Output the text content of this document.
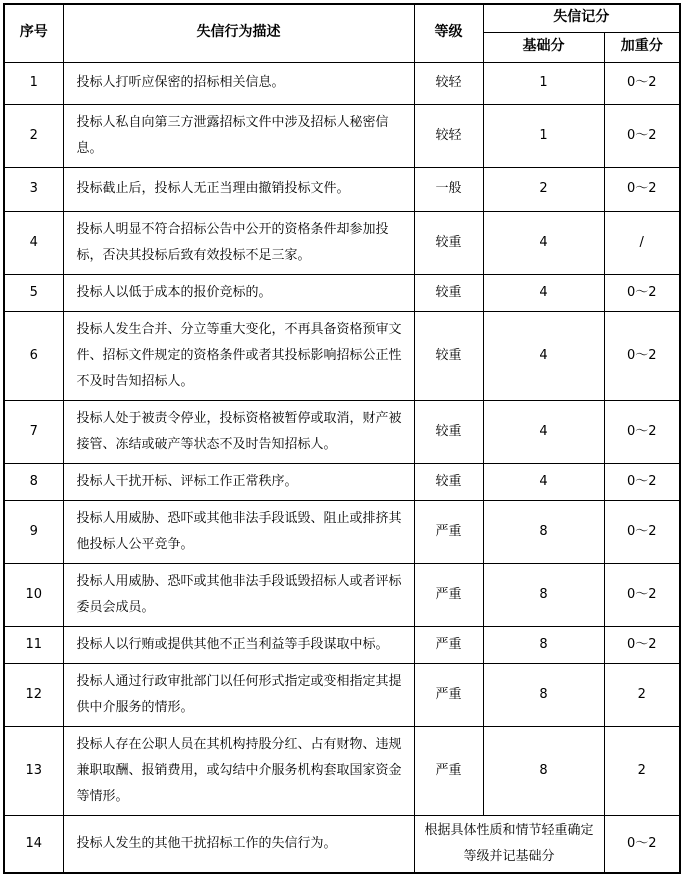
序号	失信行为描述	等级	失信记分	
			基础分	加重分
1	投标人打听应保密的招标相关信息。	较轻	1	0～2
2	投标人私自向第三方泄露招标文件中涉及招标人秘密信息。	较轻	1	0～2
3	投标截止后，投标人无正当理由撤销投标文件。	一般	2	0～2
4	投标人明显不符合招标公告中公开的资格条件却参加投标，否决其投标后致有效投标不足三家。	较重	4	/
5	投标人以低于成本的报价竞标的。	较重	4	0～2
6	投标人发生合并、分立等重大变化，不再具备资格预审文件、招标文件规定的资格条件或者其投标影响招标公正性不及时告知招标人。	较重	4	0～2
7	投标人处于被责令停业，投标资格被暂停或取消，财产被接管、冻结或破产等状态不及时告知招标人。	较重	4	0～2
8	投标人干扰开标、评标工作正常秩序。	较重	4	0～2
9	投标人用威胁、恐吓或其他非法手段诋毁、阻止或排挤其他投标人公平竞争。	严重	8	0～2
10	投标人用威胁、恐吓或其他非法手段诋毁招标人或者评标委员会成员。	严重	8	0～2
11	投标人以行贿或提供其他不正当利益等手段谋取中标。	严重	8	0～2
12	投标人通过行政审批部门以任何形式指定或变相指定其提供中介服务的情形。	严重	8	2
13	投标人存在公职人员在其机构持股分红、占有财物、违规兼职取酬、报销费用，或勾结中介服务机构套取国家资金等情形。	严重	8	2
14	投标人发生的其他干扰招标工作的失信行为。	根据具体性质和情节轻重确定等级并记基础分		0～2
